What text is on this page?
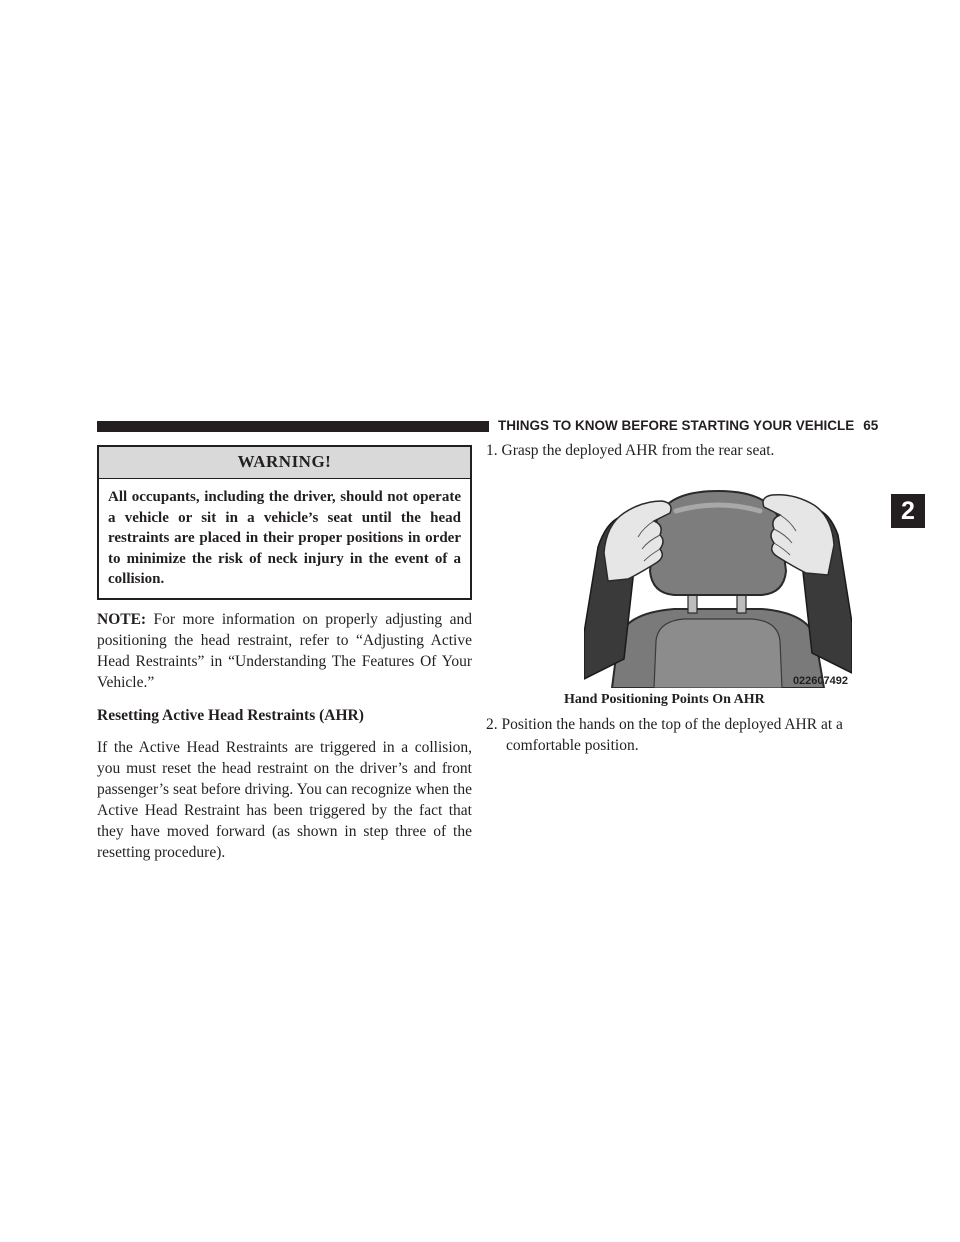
THINGS TO KNOW BEFORE STARTING YOUR VEHICLE 65
2
WARNING!
All occupants, including the driver, should not operate a vehicle or sit in a vehicle’s seat until the head restraints are placed in their proper positions in order to minimize the risk of neck injury in the event of a collision.
NOTE: For more information on properly adjusting and positioning the head restraint, refer to “Adjusting Active Head Restraints” in “Understanding The Features Of Your Vehicle.”
Resetting Active Head Restraints (AHR)
If the Active Head Restraints are triggered in a collision, you must reset the head restraint on the driver’s and front passenger’s seat before driving. You can recognize when the Active Head Restraint has been triggered by the fact that they have moved forward (as shown in step three of the resetting procedure).
1. Grasp the deployed AHR from the rear seat.
022607492
Hand Positioning Points On AHR
2. Position the hands on the top of the deployed AHR at a comfortable position.
